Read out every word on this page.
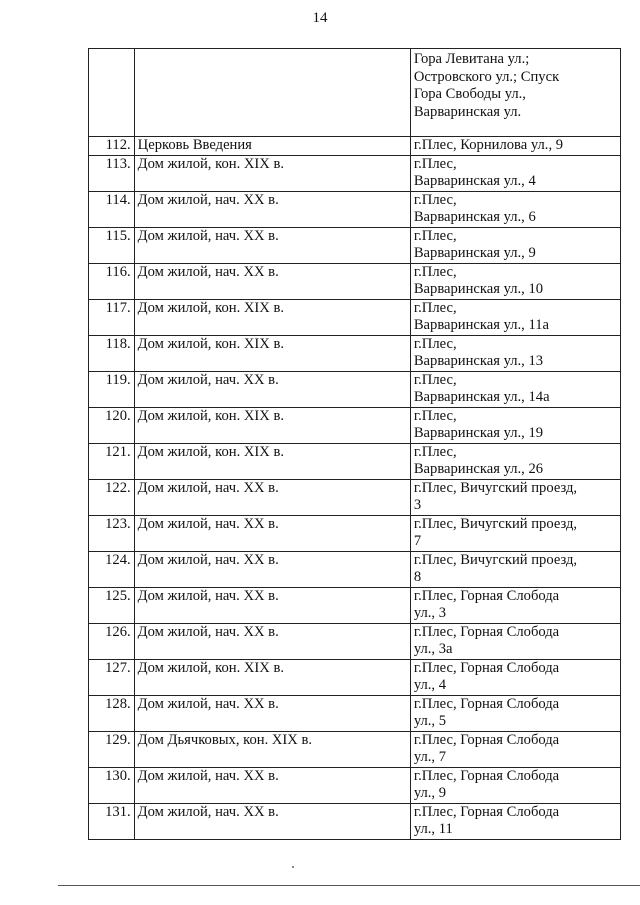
14
		Гора Левитана ул.;
Островского ул.; Спуск
Гора Свободы ул.,
Варваринская ул.
112.	Церковь Введения	г.Плес, Корнилова ул., 9
113.	Дом жилой, кон. XIX в.	г.Плес,
Варваринская ул., 4
114.	Дом жилой, нач. XX в.	г.Плес,
Варваринская ул., 6
115.	Дом жилой, нач. XX в.	г.Плес,
Варваринская ул., 9
116.	Дом жилой, нач. XX в.	г.Плес,
Варваринская ул., 10
117.	Дом жилой, кон. XIX в.	г.Плес,
Варваринская ул., 11а
118.	Дом жилой, кон. XIX в.	г.Плес,
Варваринская ул., 13
119.	Дом жилой, нач. XX в.	г.Плес,
Варваринская ул., 14а
120.	Дом жилой, кон. XIX в.	г.Плес,
Варваринская ул., 19
121.	Дом жилой, кон. XIX в.	г.Плес,
Варваринская ул., 26
122.	Дом жилой, нач. XX в.	г.Плес, Вичугский проезд,
3
123.	Дом жилой, нач. XX в.	г.Плес, Вичугский проезд,
7
124.	Дом жилой, нач. XX в.	г.Плес, Вичугский проезд,
8
125.	Дом жилой, нач. XX в.	г.Плес, Горная Слобода
ул., 3
126.	Дом жилой, нач. XX в.	г.Плес, Горная Слобода
ул., 3а
127.	Дом жилой, кон. XIX в.	г.Плес, Горная Слобода
ул., 4
128.	Дом жилой, нач. XX в.	г.Плес, Горная Слобода
ул., 5
129.	Дом Дьячковых, кон. XIX в.	г.Плес, Горная Слобода
ул., 7
130.	Дом жилой, нач. XX в.	г.Плес, Горная Слобода
ул., 9
131.	Дом жилой, нач. XX в.	г.Плес, Горная Слобода
ул., 11
